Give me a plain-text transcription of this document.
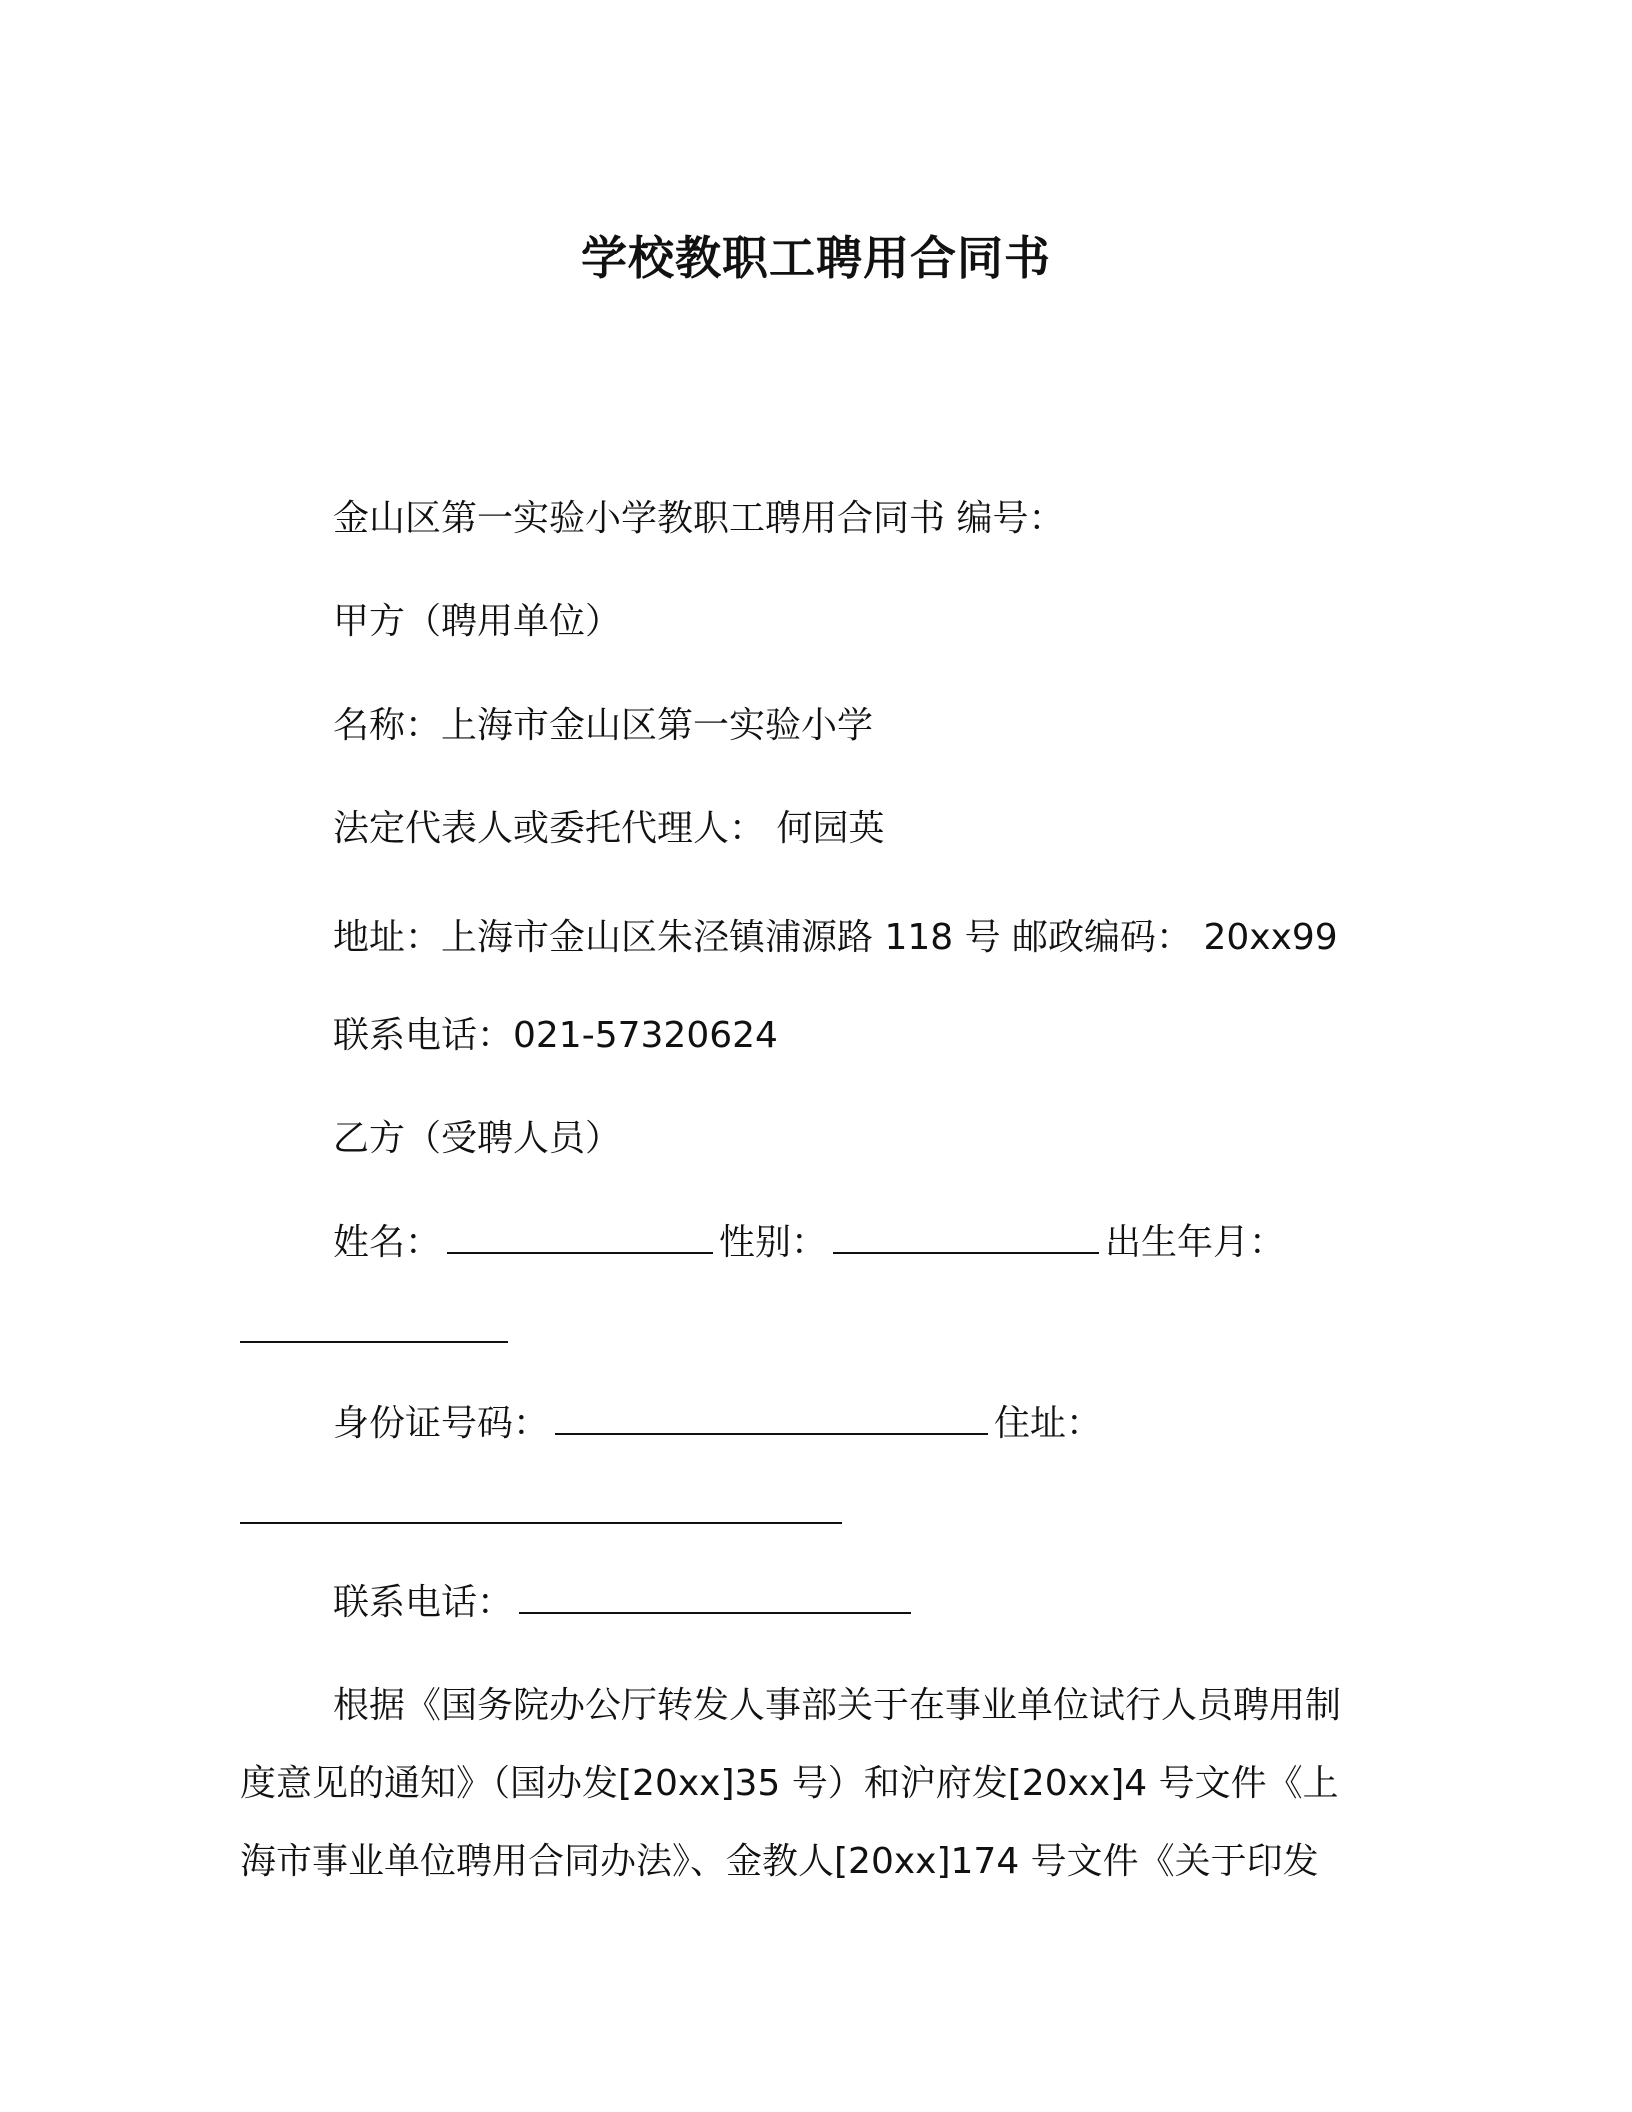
学校教职工聘用合同书
金山区第一实验小学教职工聘用合同书 编号：
甲方（聘用单位）
名称：上海市金山区第一实验小学
法定代表人或委托代理人： 何园英
地址：上海市金山区朱泾镇浦源路 118 号 邮政编码： 20xx99
联系电话：021-57320624
乙方（受聘人员）
姓名：	性别：	出生年月：
身份证号码：	住址：
联系电话：
根据《国务院办公厅转发人事部关于在事业单位试行人员聘用制
度意见的通知》（国办发[20xx]35 号）和沪府发[20xx]4 号文件《上
海市事业单位聘用合同办法》、金教人[20xx]174 号文件《关于印发
